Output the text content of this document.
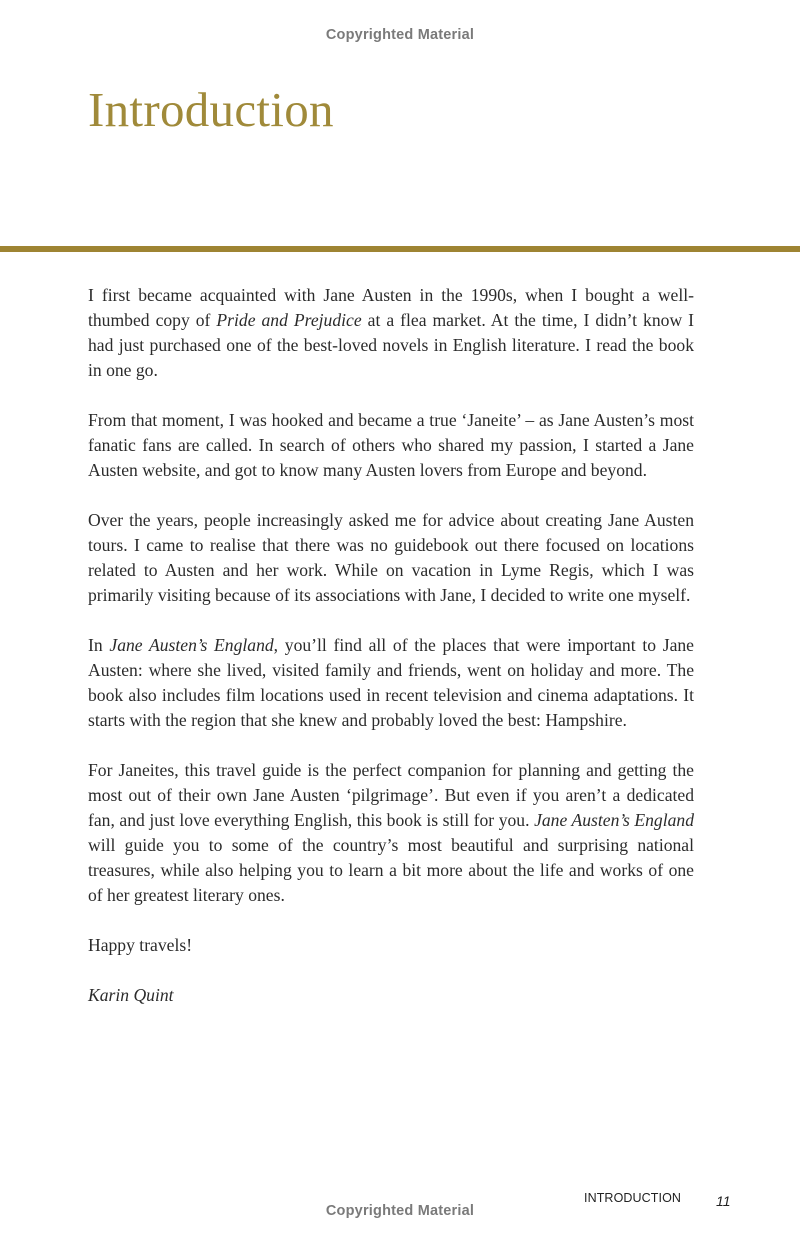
Copyrighted Material
Introduction

I first became acquainted with Jane Austen in the 1990s, when I bought a well-thumbed copy of Pride and Prejudice at a flea market. At the time, I didn’t know I had just purchased one of the best-loved novels in English literature. I read the book in one go.

From that moment, I was hooked and became a true ‘Janeite’ – as Jane Austen’s most fanatic fans are called. In search of others who shared my passion, I started a Jane Austen website, and got to know many Austen lovers from Europe and beyond.

Over the years, people increasingly asked me for advice about creating Jane Austen tours. I came to realise that there was no guidebook out there focused on locations related to Austen and her work. While on vacation in Lyme Regis, which I was primarily visiting because of its associations with Jane, I decided to write one myself.

In Jane Austen’s England, you’ll find all of the places that were important to Jane Austen: where she lived, visited family and friends, went on holiday and more. The book also includes film locations used in recent television and cinema adaptations. It starts with the region that she knew and probably loved the best: Hampshire.

For Janeites, this travel guide is the perfect companion for planning and getting the most out of their own Jane Austen ‘pilgrimage’. But even if you aren’t a dedicated fan, and just love everything English, this book is still for you. Jane Austen’s England will guide you to some of the country’s most beautiful and surprising national treasures, while also helping you to learn a bit more about the life and works of one of her greatest literary ones.

Happy travels!

Karin Quint

INTRODUCTION 11
Copyrighted Material
